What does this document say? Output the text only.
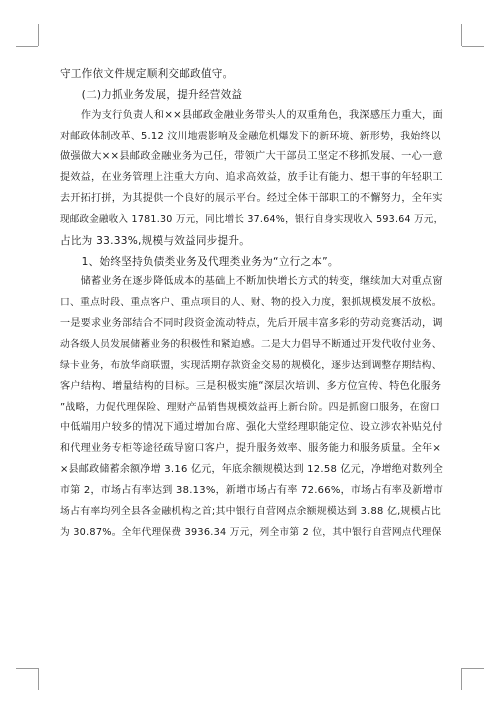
守工作依文件规定顺利交邮政值守。
　　(二)力抓业务发展，提升经营效益
　　作为支行负责人和××县邮政金融业务带头人的双重角色，我深感压力重大，面
对邮政体制改革、5.12 汶川地震影响及金融危机爆发下的新环境、新形势，我始终以
做强做大××县邮政金融业务为己任，带领广大干部员工坚定不移抓发展、一心一意
提效益，在业务管理上注重大方向、追求高效益，放手让有能力、想干事的年轻职工
去开拓打拼，为其提供一个良好的展示平台。经过全体干部职工的不懈努力，全年实
现邮政金融收入 1781.30 万元，同比增长 37.64%，银行自身实现收入 593.64 万元，
占比为 33.33%,规模与效益同步提升。
　　1、始终坚持负债类业务及代理类业务为“立行之本”。
　　储蓄业务在逐步降低成本的基础上不断加快增长方式的转变，继续加大对重点窗
口、重点时段、重点客户、重点项目的人、财、物的投入力度，狠抓规模发展不放松。
一是要求业务部结合不同时段资金流动特点，先后开展丰富多彩的劳动竞赛活动，调
动各级人员发展储蓄业务的积极性和紧迫感。二是大力倡导不断通过开发代收付业务、
绿卡业务，布放华商联盟，实现活期存款资金交易的规模化，逐步达到调整存期结构、
客户结构、增量结构的目标。三是积极实施“深层次培训、多方位宣传、特色化服务
”战略，力促代理保险、理财产品销售规模效益再上新台阶。四是抓窗口服务，在窗口
中低端用户较多的情况下通过增加台席、强化大堂经理职能定位、设立涉农补贴兑付
和代理业务专柜等途径疏导窗口客户，提升服务效率、服务能力和服务质量。全年×
×县邮政储蓄余额净增 3.16 亿元，年底余额规模达到 12.58 亿元，净增绝对数列全
市第 2，市场占有率达到 38.13%，新增市场占有率 72.66%，市场占有率及新增市
场占有率均列全县各金融机构之首;其中银行自营网点余额规模达到 3.88 亿,规模占比
为 30.87%。全年代理保费 3936.34 万元，列全市第 2 位，其中银行自营网点代理保
